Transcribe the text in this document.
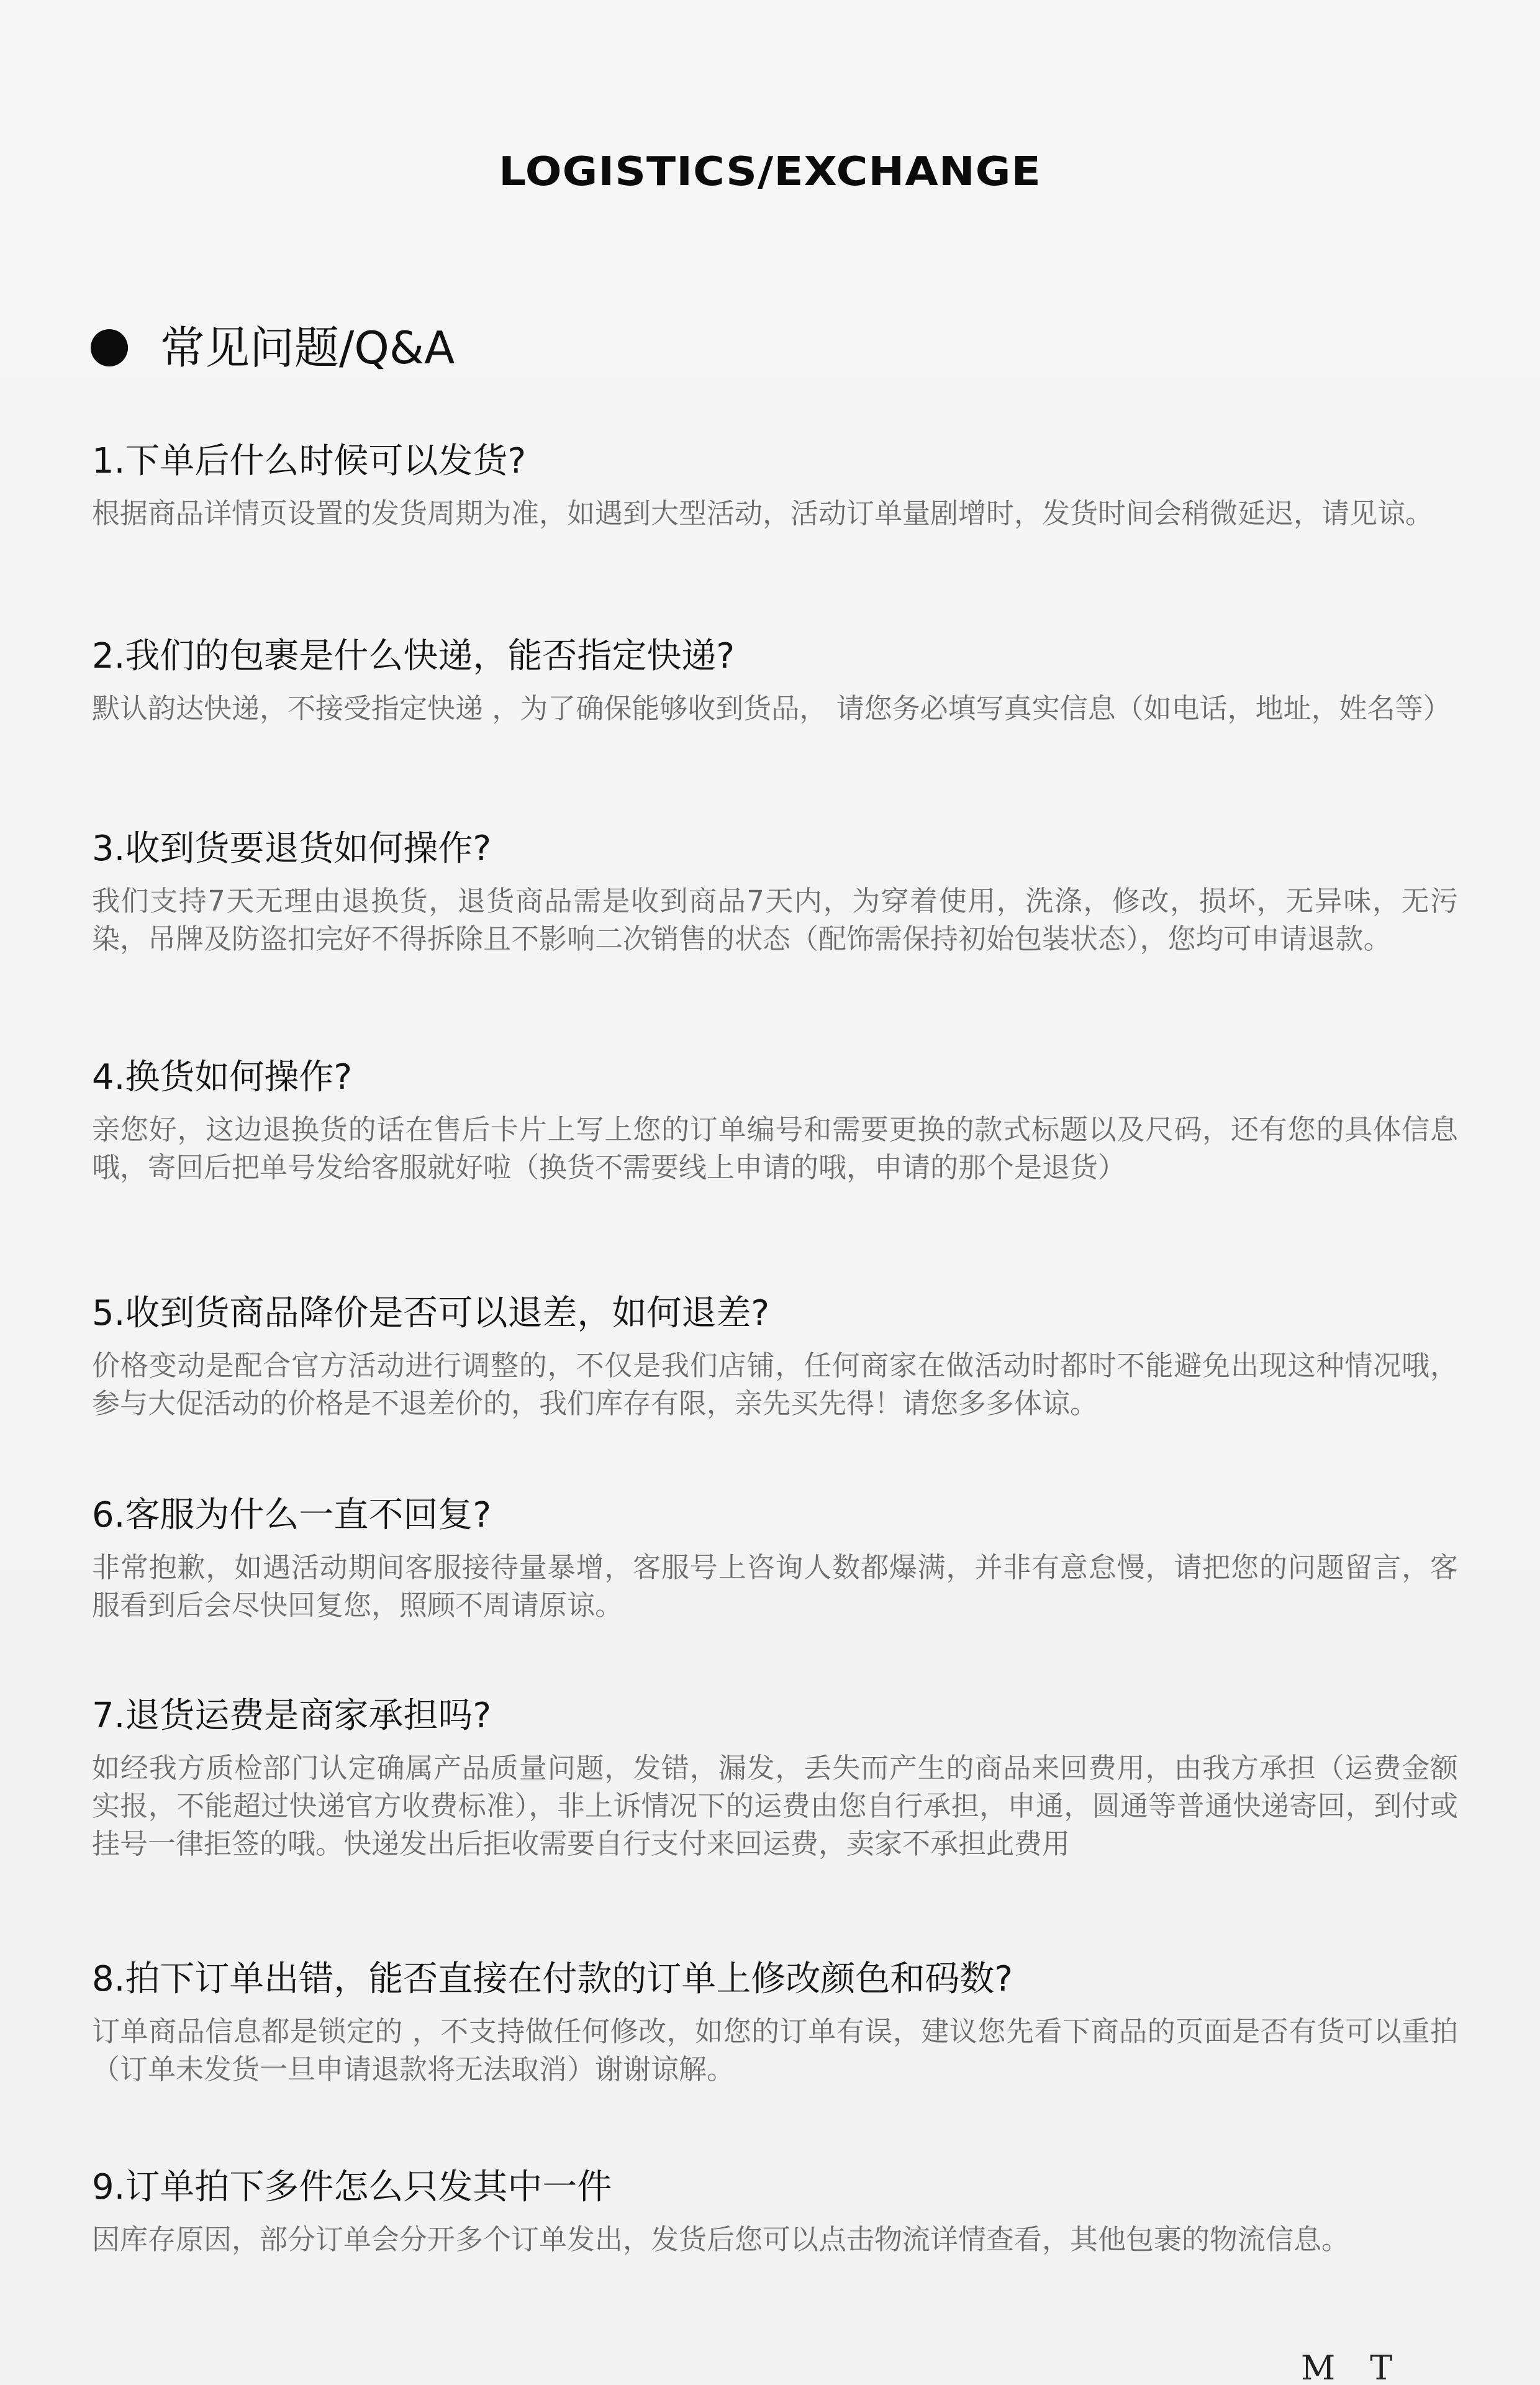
LOGISTICS/EXCHANGE
常见问题/Q&A
1.下单后什么时候可以发货?
根据商品详情页设置的发货周期为准，如遇到大型活动，活动订单量剧增时，发货时间会稍微延迟，请见谅。
2.我们的包裹是什么快递，能否指定快递?
默认韵达快递，不接受指定快递 ，为了确保能够收到货品， 请您务必填写真实信息（如电话，地址，姓名等）
3.收到货要退货如何操作?
我们支持7天无理由退换货，退货商品需是收到商品7天内，为穿着使用，洗涤，修改，损坏，无异味，无污染，吊牌及防盗扣完好不得拆除且不影响二次销售的状态（配饰需保持初始包装状态），您均可申请退款。
4.换货如何操作?
亲您好，这边退换货的话在售后卡片上写上您的订单编号和需要更换的款式标题以及尺码，还有您的具体信息哦，寄回后把单号发给客服就好啦（换货不需要线上申请的哦，申请的那个是退货）
5.收到货商品降价是否可以退差，如何退差?
价格变动是配合官方活动进行调整的，不仅是我们店铺，任何商家在做活动时都时不能避免出现这种情况哦，参与大促活动的价格是不退差价的，我们库存有限，亲先买先得！请您多多体谅。
6.客服为什么一直不回复?
非常抱歉，如遇活动期间客服接待量暴增，客服号上咨询人数都爆满，并非有意怠慢，请把您的问题留言，客服看到后会尽快回复您，照顾不周请原谅。
7.退货运费是商家承担吗?
如经我方质检部门认定确属产品质量问题，发错，漏发，丢失而产生的商品来回费用，由我方承担（运费金额实报，不能超过快递官方收费标准），非上诉情况下的运费由您自行承担，申通，圆通等普通快递寄回，到付或挂号一律拒签的哦。快递发出后拒收需要自行支付来回运费，卖家不承担此费用
8.拍下订单出错，能否直接在付款的订单上修改颜色和码数?
订单商品信息都是锁定的 ，不支持做任何修改，如您的订单有误，建议您先看下商品的页面是否有货可以重拍（订单未发货一旦申请退款将无法取消）谢谢谅解。
9.订单拍下多件怎么只发其中一件
因库存原因，部分订单会分开多个订单发出，发货后您可以点击物流详情查看，其他包裹的物流信息。
M T
